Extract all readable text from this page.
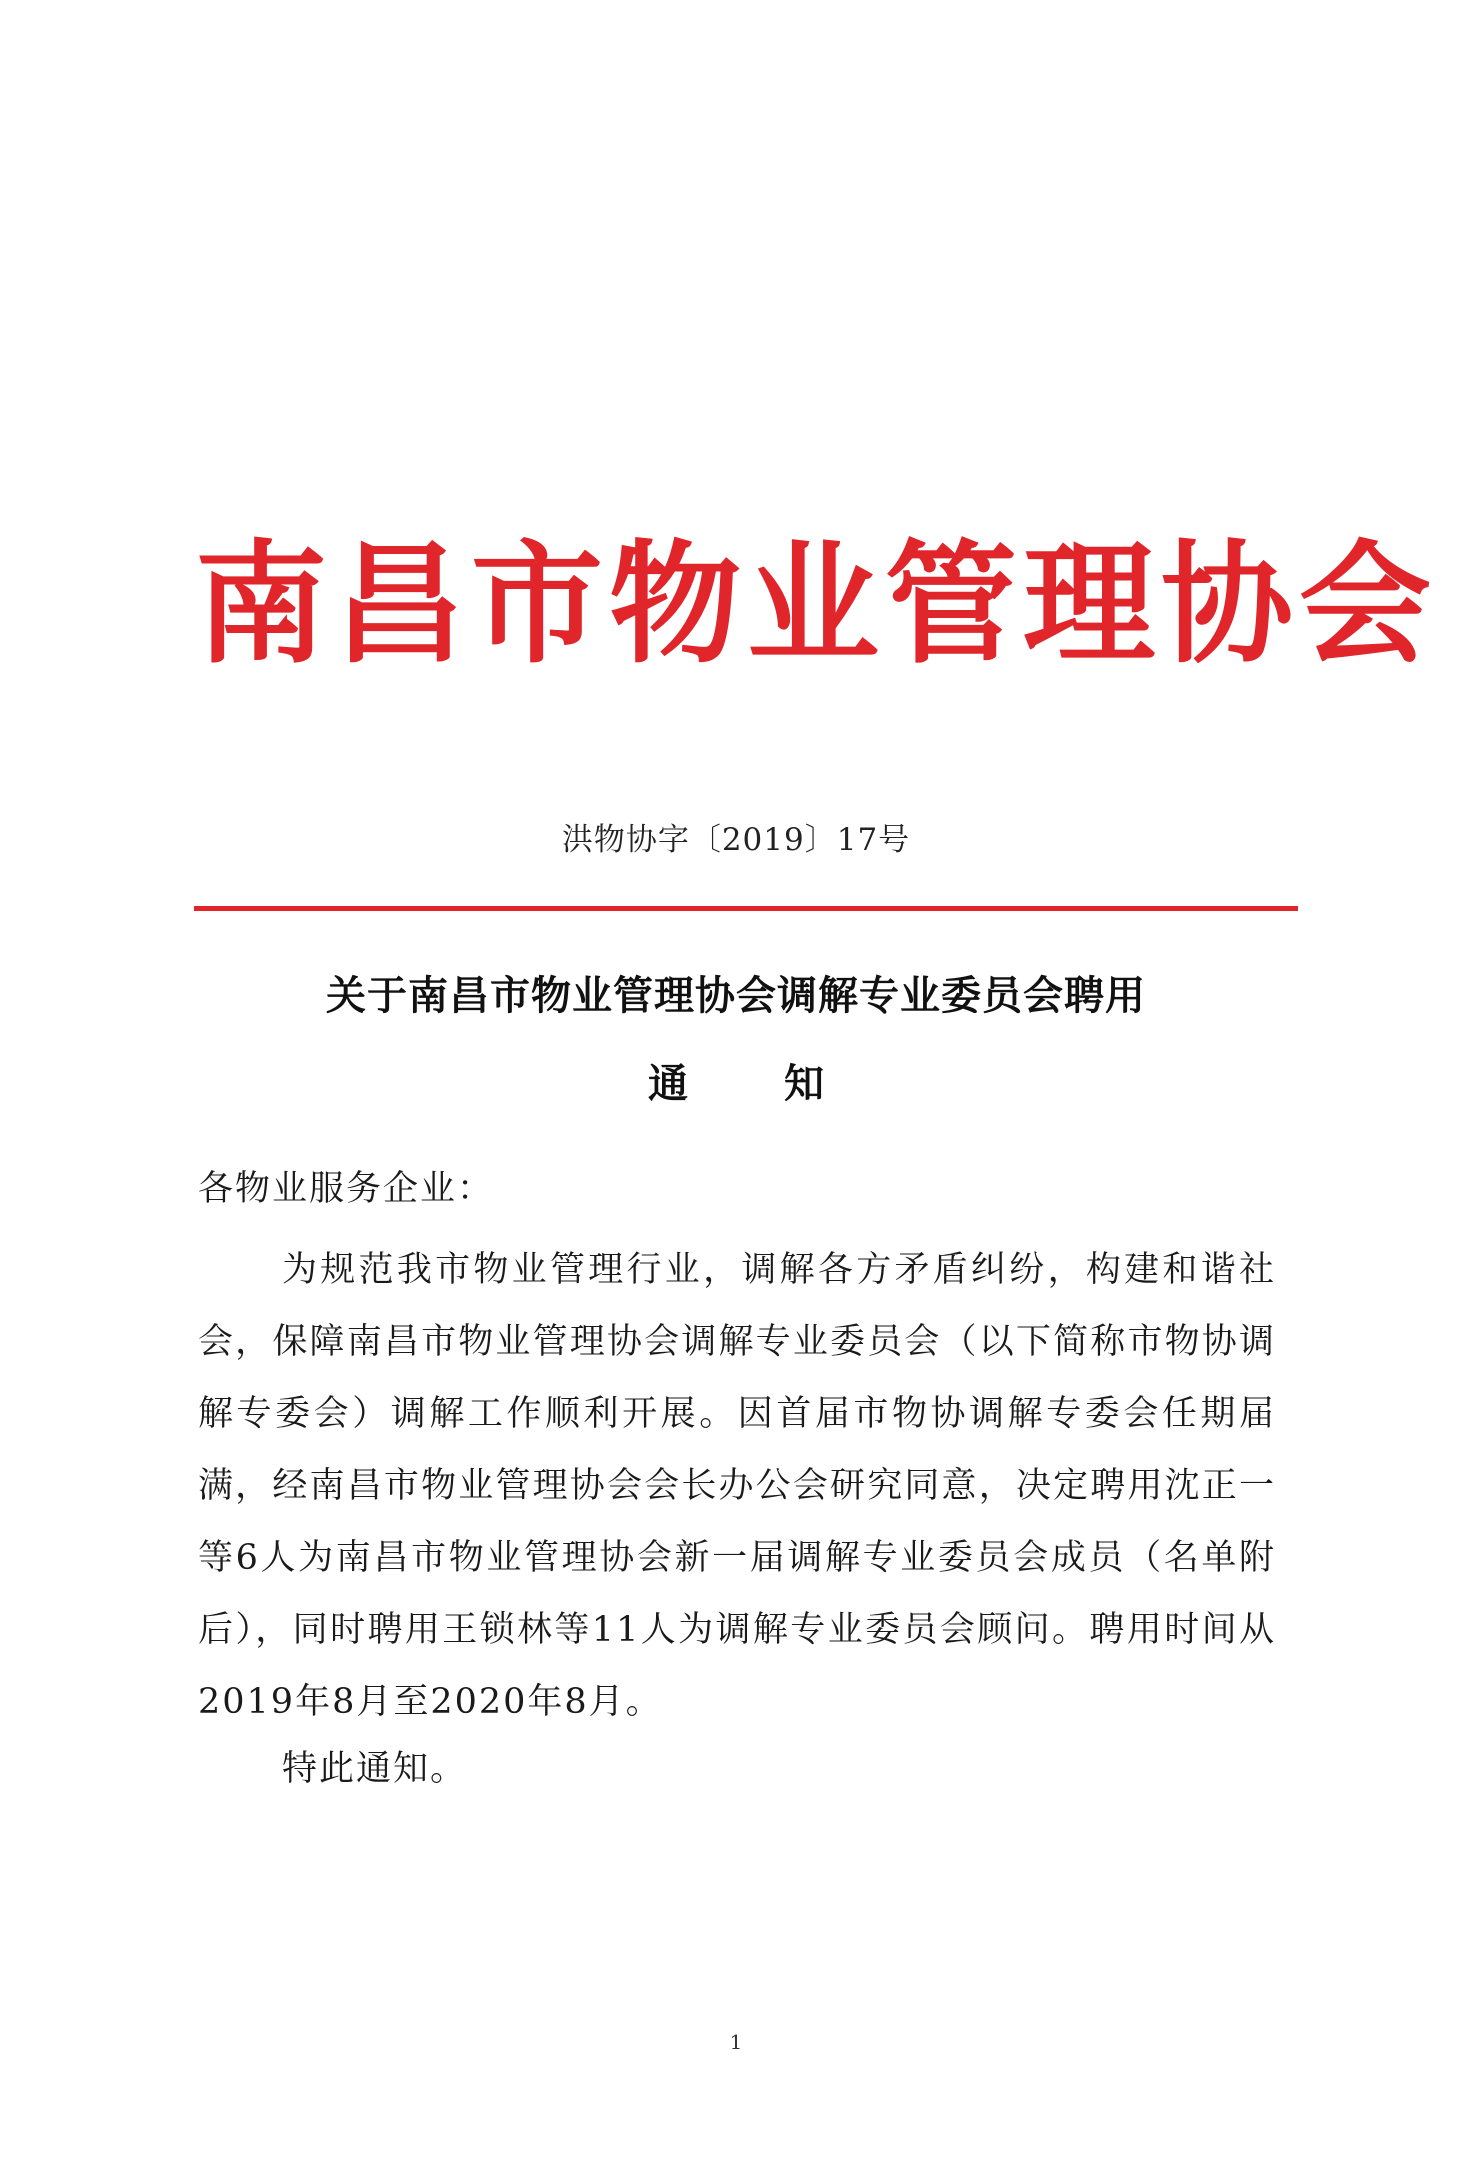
南昌市物业管理协会
洪物协字〔2019〕17号
关于南昌市物业管理协会调解专业委员会聘用
通 知
各物业服务企业：
为规范我市物业管理行业，调解各方矛盾纠纷，构建和谐社会，保障南昌市物业管理协会调解专业委员会（以下简称市物协调解专委会）调解工作顺利开展。因首届市物协调解专委会任期届满，经南昌市物业管理协会会长办公会研究同意，决定聘用沈正一等6人为南昌市物业管理协会新一届调解专业委员会成员（名单附后），同时聘用王锁林等11人为调解专业委员会顾问。聘用时间从2019年8月至2020年8月。
特此通知。
1
